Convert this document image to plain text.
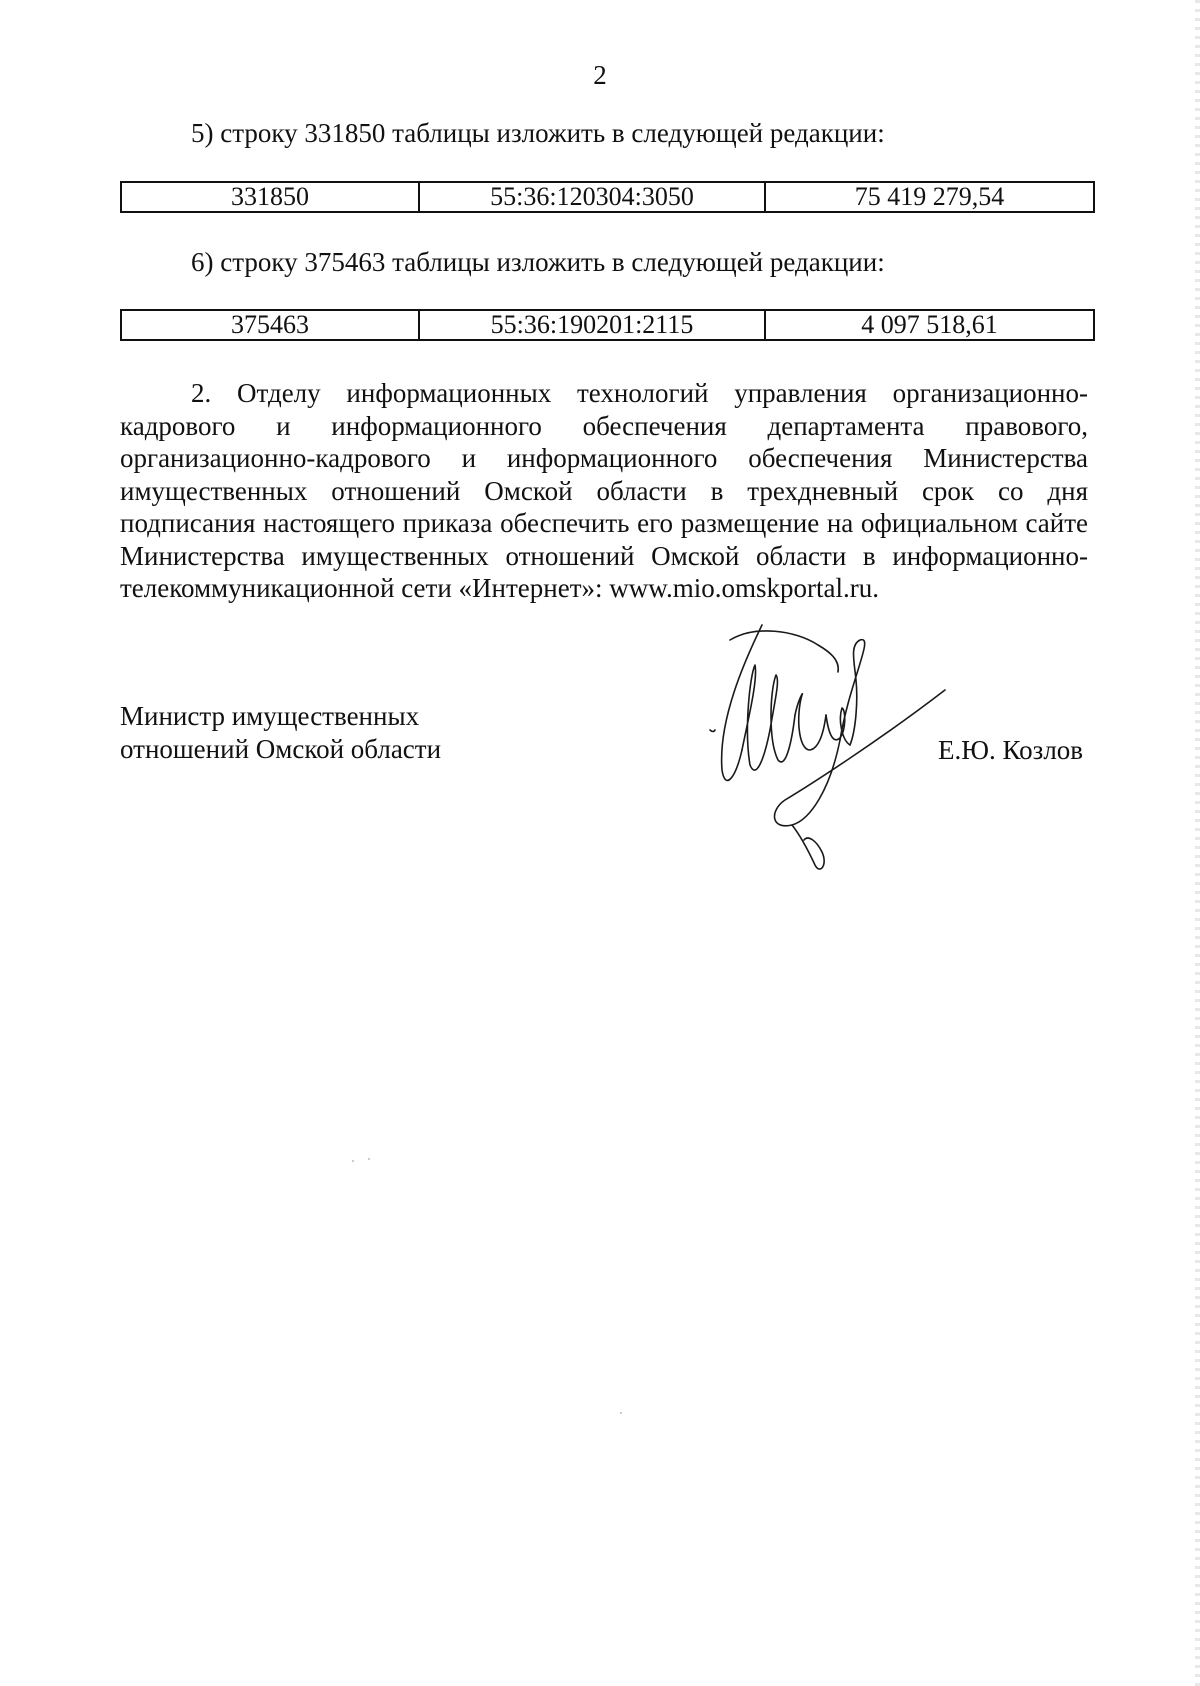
2
5) строку 331850 таблицы изложить в следующей редакции:
331850	55:36:120304:3050	75 419 279,54
6) строку 375463 таблицы изложить в следующей редакции:
375463	55:36:190201:2115	4 097 518,61
2. Отделу информационных технологий управления организационно-кадрового и информационного обеспечения департамента правового, организационно-кадрового и информационного обеспечения Министерства имущественных отношений Омской области в трехдневный срок со дня подписания настоящего приказа обеспечить его размещение на официальном сайте Министерства имущественных отношений Омской области в информационно-телекоммуникационной сети «Интернет»: www.mio.omskportal.ru.
Министр имущественных
отношений Омской области	Е.Ю. Козлов
